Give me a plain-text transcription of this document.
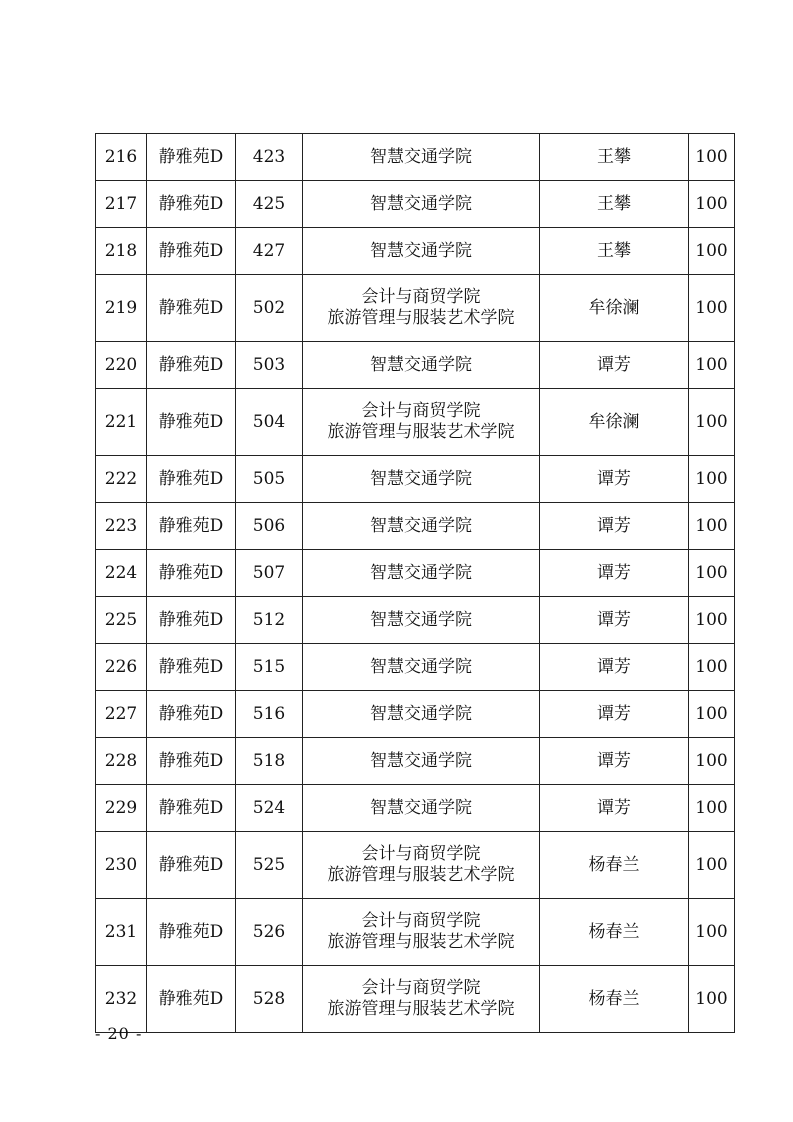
216	静雅苑D	423	智慧交通学院	王攀	100
217	静雅苑D	425	智慧交通学院	王攀	100
218	静雅苑D	427	智慧交通学院	王攀	100
219	静雅苑D	502	会计与商贸学院
旅游管理与服装艺术学院	牟徐澜	100
220	静雅苑D	503	智慧交通学院	谭芳	100
221	静雅苑D	504	会计与商贸学院
旅游管理与服装艺术学院	牟徐澜	100
222	静雅苑D	505	智慧交通学院	谭芳	100
223	静雅苑D	506	智慧交通学院	谭芳	100
224	静雅苑D	507	智慧交通学院	谭芳	100
225	静雅苑D	512	智慧交通学院	谭芳	100
226	静雅苑D	515	智慧交通学院	谭芳	100
227	静雅苑D	516	智慧交通学院	谭芳	100
228	静雅苑D	518	智慧交通学院	谭芳	100
229	静雅苑D	524	智慧交通学院	谭芳	100
230	静雅苑D	525	会计与商贸学院
旅游管理与服装艺术学院	杨春兰	100
231	静雅苑D	526	会计与商贸学院
旅游管理与服装艺术学院	杨春兰	100
232	静雅苑D	528	会计与商贸学院
旅游管理与服装艺术学院	杨春兰	100
- 20 -
